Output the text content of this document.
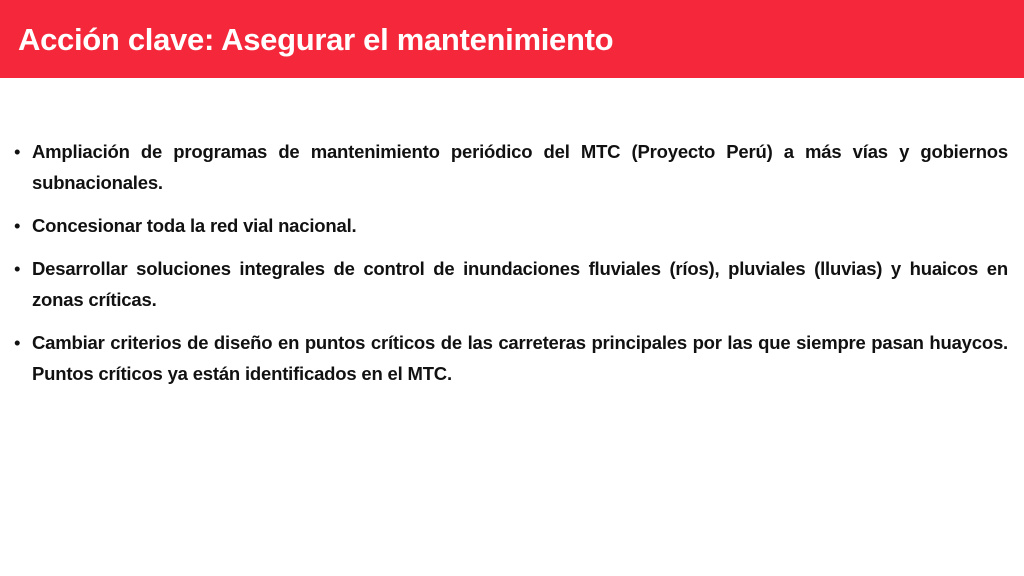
Acción clave: Asegurar el mantenimiento
• Ampliación de programas de mantenimiento periódico del MTC (Proyecto Perú) a más vías y gobiernos subnacionales.
• Concesionar toda la red vial nacional.
• Desarrollar soluciones integrales de control de inundaciones fluviales (ríos), pluviales (lluvias) y huaicos en zonas críticas.
• Cambiar criterios de diseño en puntos críticos de las carreteras principales por las que siempre pasan huaycos. Puntos críticos ya están identificados en el MTC.
